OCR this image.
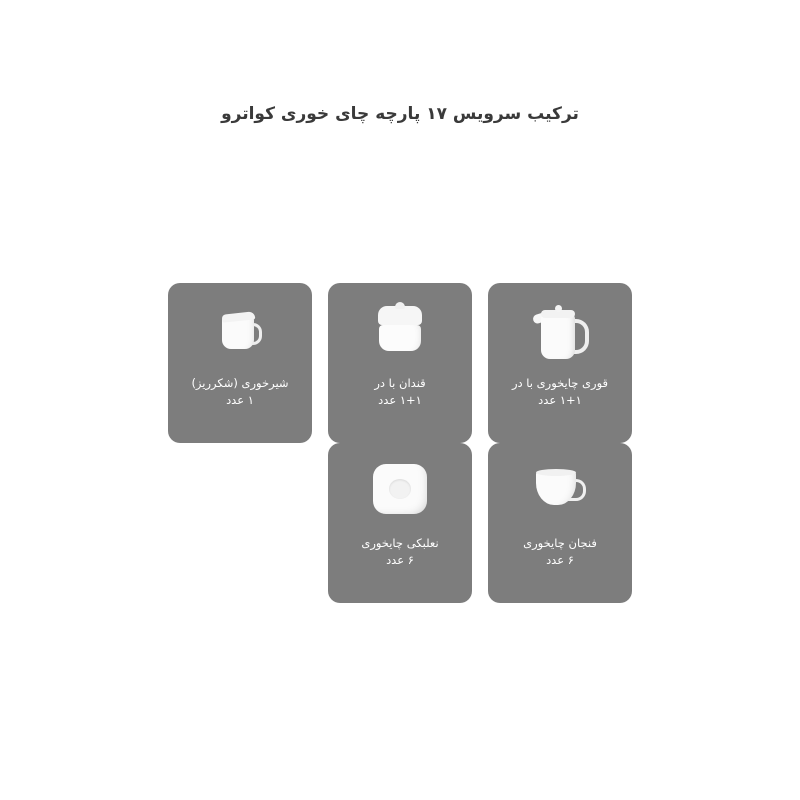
ترکیب سرویس ۱۷ پارچه چای خوری کواترو
قوری چایخوری با در
۱+۱ عدد
قندان با در
۱+۱ عدد
شیرخوری (شکرریز)
۱ عدد
فنجان چایخوری
۶ عدد
نعلبکی چایخوری
۶ عدد
